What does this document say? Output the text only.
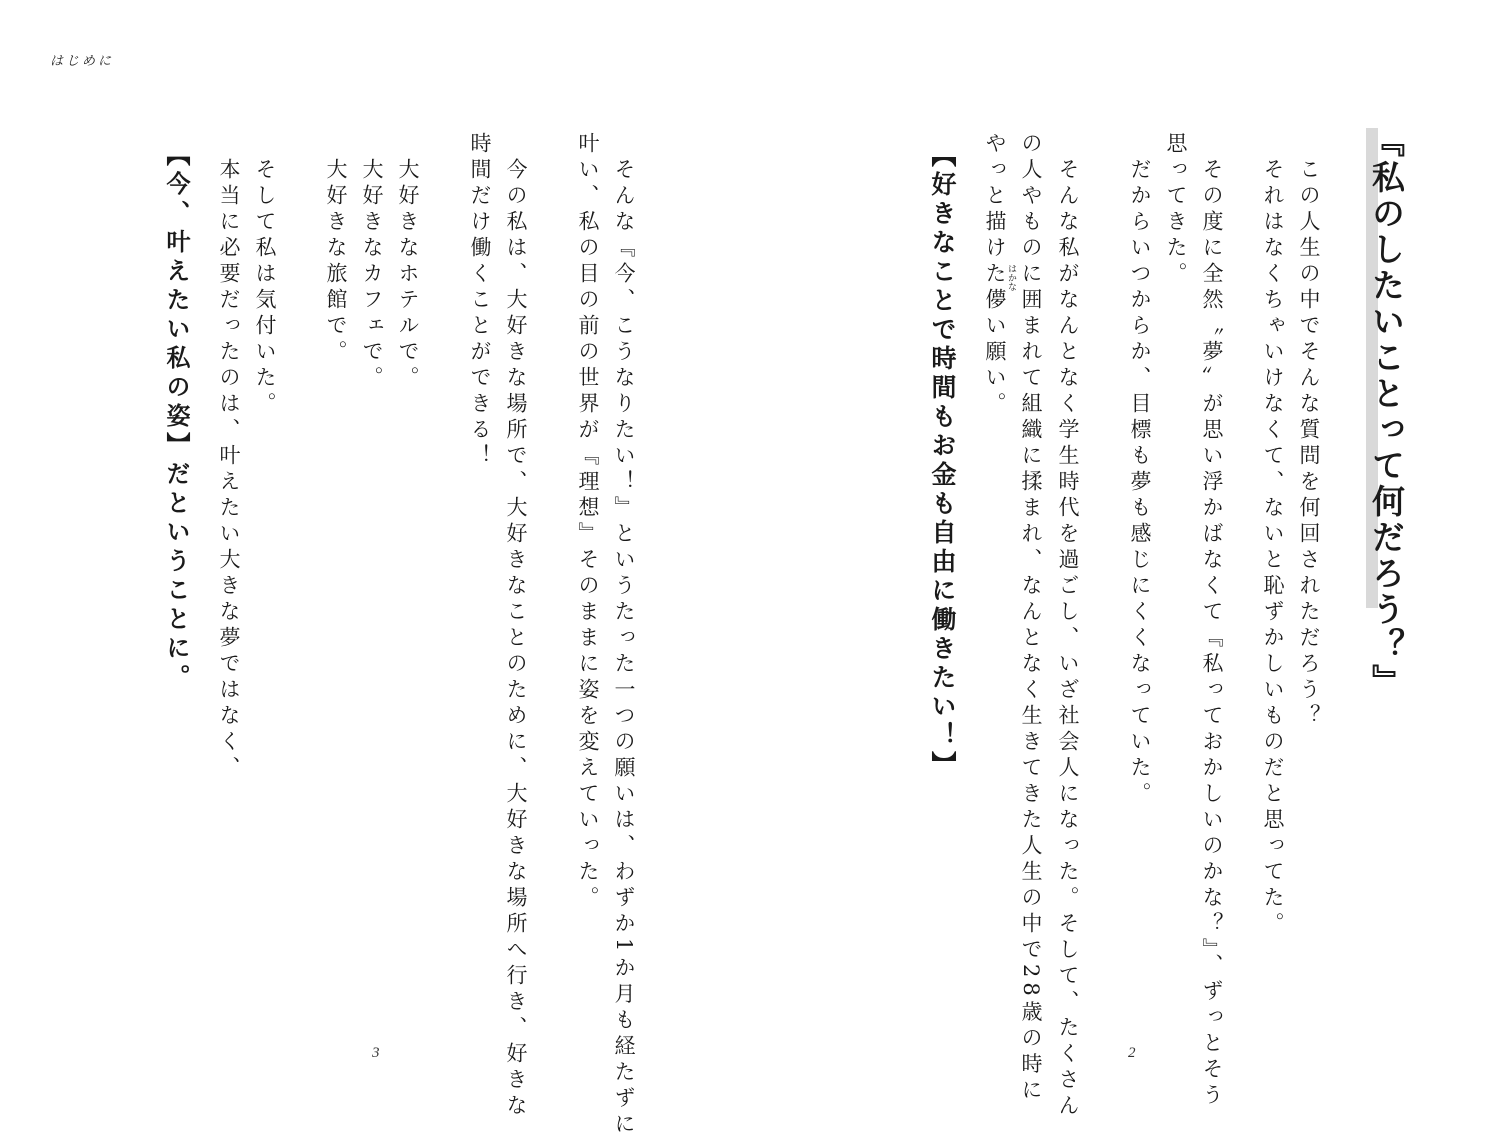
はじめに

『私のしたいことって何だろう？』

この人生の中でそんな質問を何回されただろう？

それはなくちゃいけなくて、ないと恥ずかしいものだと思ってた。

その度に全然〝夢〟が思い浮かばなくて『私っておかしいのかな？』、ずっとそう

思ってきた。

だからいつからか、目標も夢も感じにくくなっていた。

そんな私がなんとなく学生時代を過ごし、いざ社会人になった。そして、たくさん

の人やものに囲まれて組織に揉まれ、なんとなく生きてきた人生の中で28歳の時に

やっと描けた儚い願い。 はかな

【好きなことで時間もお金も自由に働きたい！】

2

そんな『今、こうなりたい！』というたった一つの願いは、わずか1か月も経たずに

叶い、私の目の前の世界が『理想』そのままに姿を変えていった。

今の私は、大好きな場所で、大好きなことのために、大好きな場所へ行き、好きな

時間だけ働くことができる！

大好きなホテルで。

大好きなカフェで。

大好きな旅館で。

そして私は気付いた。

本当に必要だったのは、叶えたい大きな夢ではなく、

【今、叶えたい私の姿】だということに。

3
